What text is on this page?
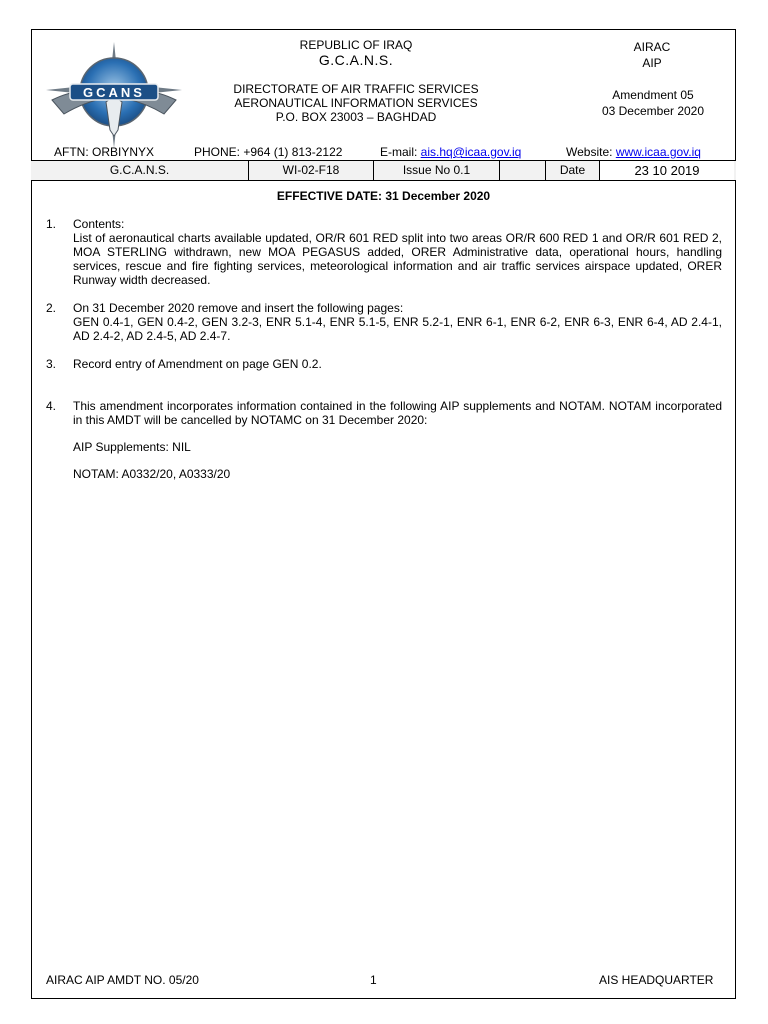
GCANS
REPUBLIC OF IRAQ
G.C.A.N.S.
DIRECTORATE OF AIR TRAFFIC SERVICES
AERONAUTICAL INFORMATION SERVICES
P.O. BOX 23003 – BAGHDAD
AIRAC
AIP
Amendment 05
03 December 2020
AFTN: ORBIYNYX	PHONE: +964 (1) 813-2122	E-mail: ais.hq@icaa.gov.iq	Website: www.icaa.gov.iq
G.C.A.N.S.	WI-02-F18	Issue No 0.1	Date	23 10 2019
EFFECTIVE DATE: 31 December 2020
1. Contents:

List of aeronautical charts available updated, OR/R 601 RED split into two areas OR/R 600 RED 1 and OR/R 601 RED 2, MOA STERLING withdrawn, new MOA PEGASUS added, ORER Administrative data, operational hours, handling services, rescue and fire fighting services, meteorological information and air traffic services airspace updated, ORER Runway width decreased.

2. On 31 December 2020 remove and insert the following pages:

GEN 0.4-1, GEN 0.4-2, GEN 3.2-3, ENR 5.1-4, ENR 5.1-5, ENR 5.2-1, ENR 6-1, ENR 6-2, ENR 6-3, ENR 6-4, AD 2.4-1, AD 2.4-2, AD 2.4-5, AD 2.4-7.

3. Record entry of Amendment on page GEN 0.2.

4. This amendment incorporates information contained in the following AIP supplements and NOTAM. NOTAM incorporated in this AMDT will be cancelled by NOTAMC on 31 December 2020:

AIP Supplements: NIL

NOTAM: A0332/20, A0333/20

AIRAC AIP AMDT NO. 05/20	1	AIS HEADQUARTER
